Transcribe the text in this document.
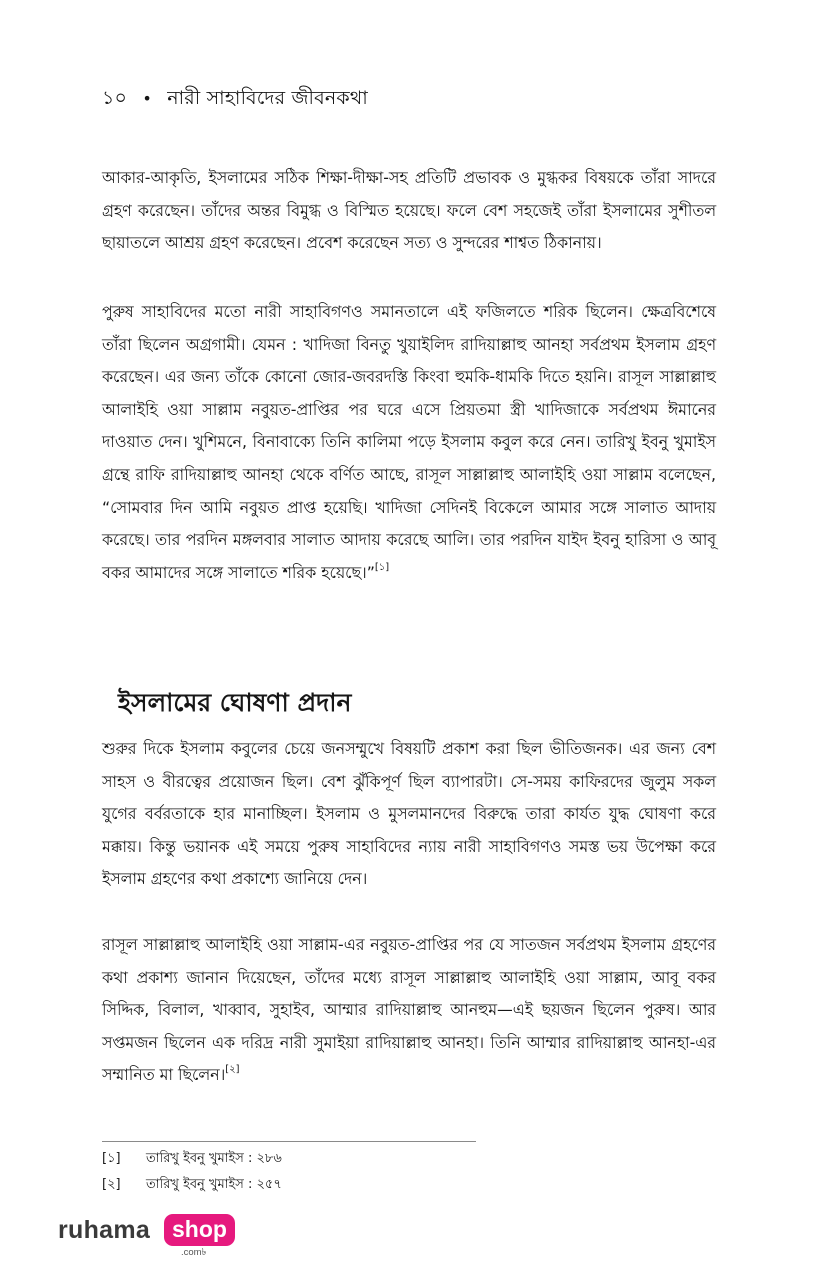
১০ • নারী সাহাবিদের জীবনকথা

আকার-আকৃতি, ইসলামের সঠিক শিক্ষা-দীক্ষা-সহ প্রতিটি প্রভাবক ও মুগ্ধকর বিষয়কে তাঁরা সাদরে গ্রহণ করেছেন। তাঁদের অন্তর বিমুগ্ধ ও বিস্মিত হয়েছে। ফলে বেশ সহজেই তাঁরা ইসলামের সুশীতল ছায়াতলে আশ্রয় গ্রহণ করেছেন। প্রবেশ করেছেন সত্য ও সুন্দরের শাশ্বত ঠিকানায়।

পুরুষ সাহাবিদের মতো নারী সাহাবিগণও সমানতালে এই ফজিলতে শরিক ছিলেন। ক্ষেত্রবিশেষে তাঁরা ছিলেন অগ্রগামী। যেমন : খাদিজা বিনতু খুয়াইলিদ রাদিয়াল্লাহু আনহা সর্বপ্রথম ইসলাম গ্রহণ করেছেন। এর জন্য তাঁকে কোনো জোর-জবরদস্তি কিংবা হুমকি-ধামকি দিতে হয়নি। রাসূল সাল্লাল্লাহু আলাইহি ওয়া সাল্লাম নবুয়ত-প্রাপ্তির পর ঘরে এসে প্রিয়তমা স্ত্রী খাদিজাকে সর্বপ্রথম ঈমানের দাওয়াত দেন। খুশিমনে, বিনাবাক্যে তিনি কালিমা পড়ে ইসলাম কবুল করে নেন। তারিখু ইবনু খুমাইস গ্রন্থে রাফি রাদিয়াল্লাহু আনহা থেকে বর্ণিত আছে, রাসূল সাল্লাল্লাহু আলাইহি ওয়া সাল্লাম বলেছেন, “সোমবার দিন আমি নবুয়ত প্রাপ্ত হয়েছি। খাদিজা সেদিনই বিকেলে আমার সঙ্গে সালাত আদায় করেছে। তার পরদিন মঙ্গলবার সালাত আদায় করেছে আলি। তার পরদিন যাইদ ইবনু হারিসা ও আবূ বকর আমাদের সঙ্গে সালাতে শরিক হয়েছে।”[১]

ইসলামের ঘোষণা প্রদান

শুরুর দিকে ইসলাম কবুলের চেয়ে জনসম্মুখে বিষয়টি প্রকাশ করা ছিল ভীতিজনক। এর জন্য বেশ সাহস ও বীরত্বের প্রয়োজন ছিল। বেশ ঝুঁকিপূর্ণ ছিল ব্যাপারটা। সে-সময় কাফিরদের জুলুম সকল যুগের বর্বরতাকে হার মানাচ্ছিল। ইসলাম ও মুসলমানদের বিরুদ্ধে তারা কার্যত যুদ্ধ ঘোষণা করে মক্কায়। কিন্তু ভয়ানক এই সময়ে পুরুষ সাহাবিদের ন্যায় নারী সাহাবিগণও সমস্ত ভয় উপেক্ষা করে ইসলাম গ্রহণের কথা প্রকাশ্যে জানিয়ে দেন।

রাসূল সাল্লাল্লাহু আলাইহি ওয়া সাল্লাম-এর নবুয়ত-প্রাপ্তির পর যে সাতজন সর্বপ্রথম ইসলাম গ্রহণের কথা প্রকাশ্য জানান দিয়েছেন, তাঁদের মধ্যে রাসূল সাল্লাল্লাহু আলাইহি ওয়া সাল্লাম, আবূ বকর সিদ্দিক, বিলাল, খাব্বাব, সুহাইব, আম্মার রাদিয়াল্লাহু আনহুম—এই ছয়জন ছিলেন পুরুষ। আর সপ্তমজন ছিলেন এক দরিদ্র নারী সুমাইয়া রাদিয়াল্লাহু আনহা। তিনি আম্মার রাদিয়াল্লাহু আনহা-এর সম্মানিত মা ছিলেন।[২]

[১] তারিখু ইবনু খুমাইস : ২৮৬
[২] তারিখু ইবনু খুমাইস : ২৫৭
ruhama shop
.com৳
